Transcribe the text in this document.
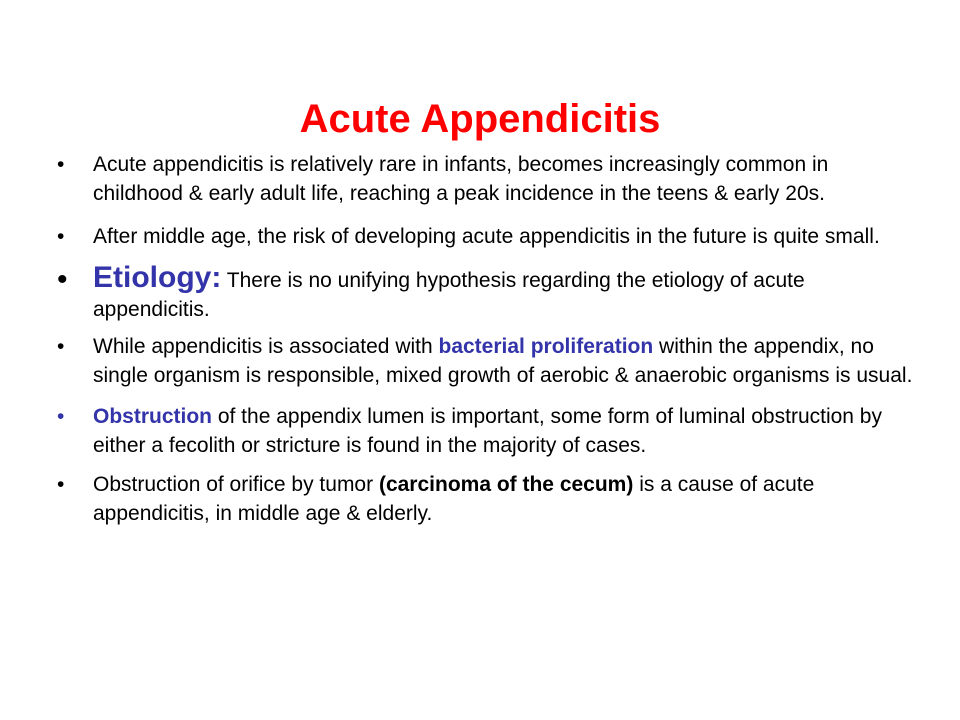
Acute Appendicitis
• Acute appendicitis is relatively rare in infants, becomes increasingly common in childhood & early adult life, reaching a peak incidence in the teens & early 20s.
• After middle age, the risk of developing acute appendicitis in the future is quite small.
• Etiology: There is no unifying hypothesis regarding the etiology of acute appendicitis.
• While appendicitis is associated with bacterial proliferation within the appendix, no single organism is responsible, mixed growth of aerobic & anaerobic organisms is usual.
• Obstruction of the appendix lumen is important, some form of luminal obstruction by either a fecolith or stricture is found in the majority of cases.
• Obstruction of orifice by tumor (carcinoma of the cecum) is a cause of acute appendicitis, in middle age & elderly.
